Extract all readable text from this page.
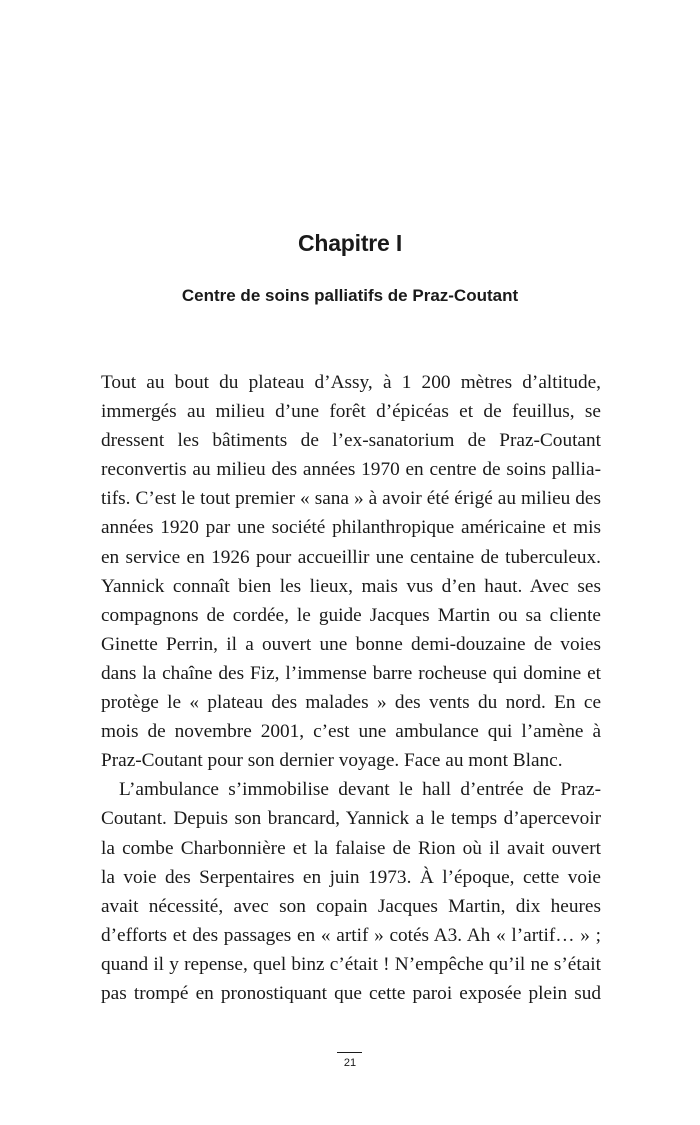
Chapitre I
Centre de soins palliatifs de Praz-Coutant
Tout au bout du plateau d’Assy, à 1 200 mètres d’altitude,
immergés au milieu d’une forêt d’épicéas et de feuillus, se
dressent les bâtiments de l’ex-sanatorium de Praz-Coutant
reconvertis au milieu des années 1970 en centre de soins pallia-
tifs. C’est le tout premier « sana » à avoir été érigé au milieu des
années 1920 par une société philanthropique américaine et mis
en service en 1926 pour accueillir une centaine de tuberculeux.
Yannick connaît bien les lieux, mais vus d’en haut. Avec ses
compagnons de cordée, le guide Jacques Martin ou sa cliente
Ginette Perrin, il a ouvert une bonne demi-douzaine de voies
dans la chaîne des Fiz, l’immense barre rocheuse qui domine et
protège le « plateau des malades » des vents du nord. En ce
mois de novembre 2001, c’est une ambulance qui l’amène à
Praz-Coutant pour son dernier voyage. Face au mont Blanc.
L’ambulance s’immobilise devant le hall d’entrée de Praz-
Coutant. Depuis son brancard, Yannick a le temps d’apercevoir
la combe Charbonnière et la falaise de Rion où il avait ouvert
la voie des Serpentaires en juin 1973. À l’époque, cette voie
avait nécessité, avec son copain Jacques Martin, dix heures
d’efforts et des passages en « artif » cotés A3. Ah « l’artif… » ;
quand il y repense, quel binz c’était ! N’empêche qu’il ne s’était
pas trompé en pronostiquant que cette paroi exposée plein sud
21
